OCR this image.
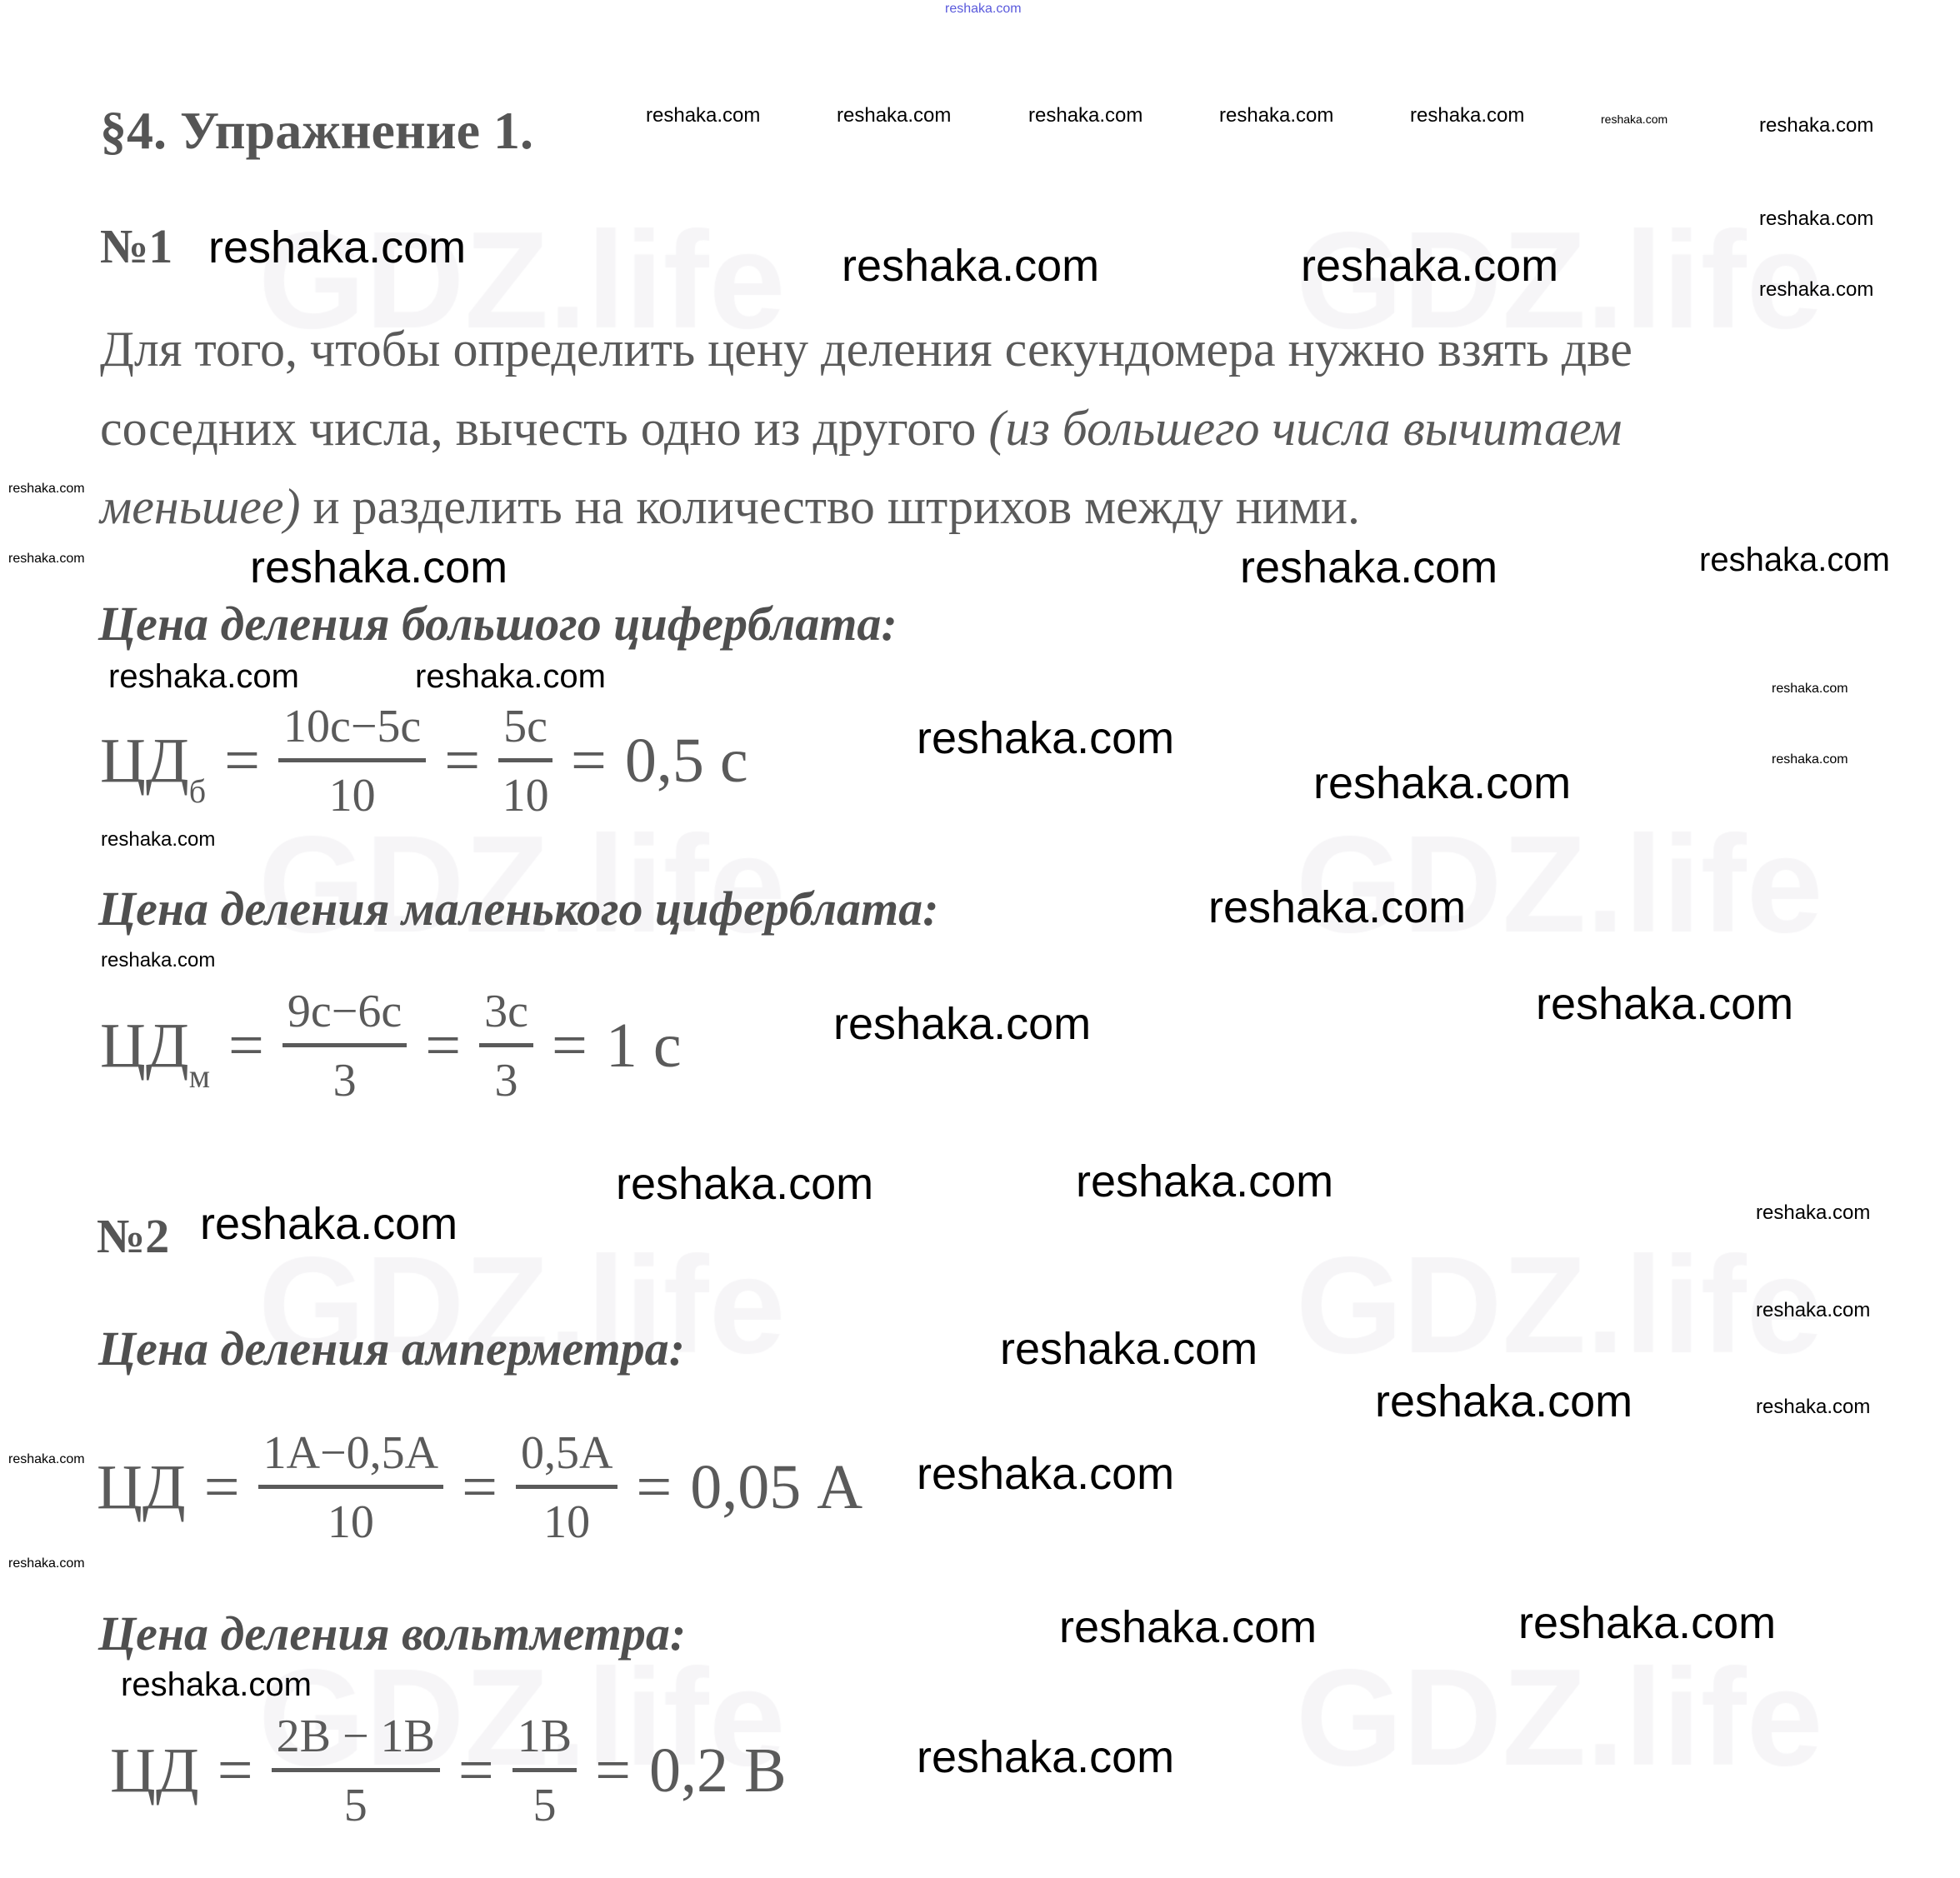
reshaka.com
§4. Упражнение 1.
№1
Для того, чтобы определить цену деления секундомера нужно взять две
соседних числа, вычесть одно из другого (из большего числа вычитаем
меньшее) и разделить на количество штрихов между ними.
Цена деления большого циферблата:
ЦД $б = \frac{10с-5с}{10} = \frac{5с}{10} = 0,5$ с
Цена деления маленького циферблата:
ЦД $м = \frac{9с-6с}{3} = \frac{3с}{3} = 1$ с
№2
Цена деления амперметра:
ЦД = $\frac{1А-0,5А}{10} = \frac{0,5А}{10} = 0,05$ А
Цена деления вольтметра:
ЦД = $\frac{2В - 1В}{5} = \frac{1В}{5} = 0,2$ В
reshaka.com	reshaka.com	reshaka.com	reshaka.com	reshaka.com	reshaka.com	reshaka.com
reshaka.com
reshaka.com
reshaka.com	reshaka.com	reshaka.com
reshaka.com	reshaka.com	reshaka.com
reshaka.com
reshaka.com
reshaka.com	reshaka.com
reshaka.com
reshaka.com
reshaka.com
reshaka.com
reshaka.com
reshaka.com
reshaka.com
reshaka.com	reshaka.com
reshaka.com
reshaka.com	reshaka.com
reshaka.com
reshaka.com
reshaka.com
reshaka.com
reshaka.com
reshaka.com
reshaka.com
reshaka.com
reshaka.com	reshaka.com
reshaka.com
reshaka.com
